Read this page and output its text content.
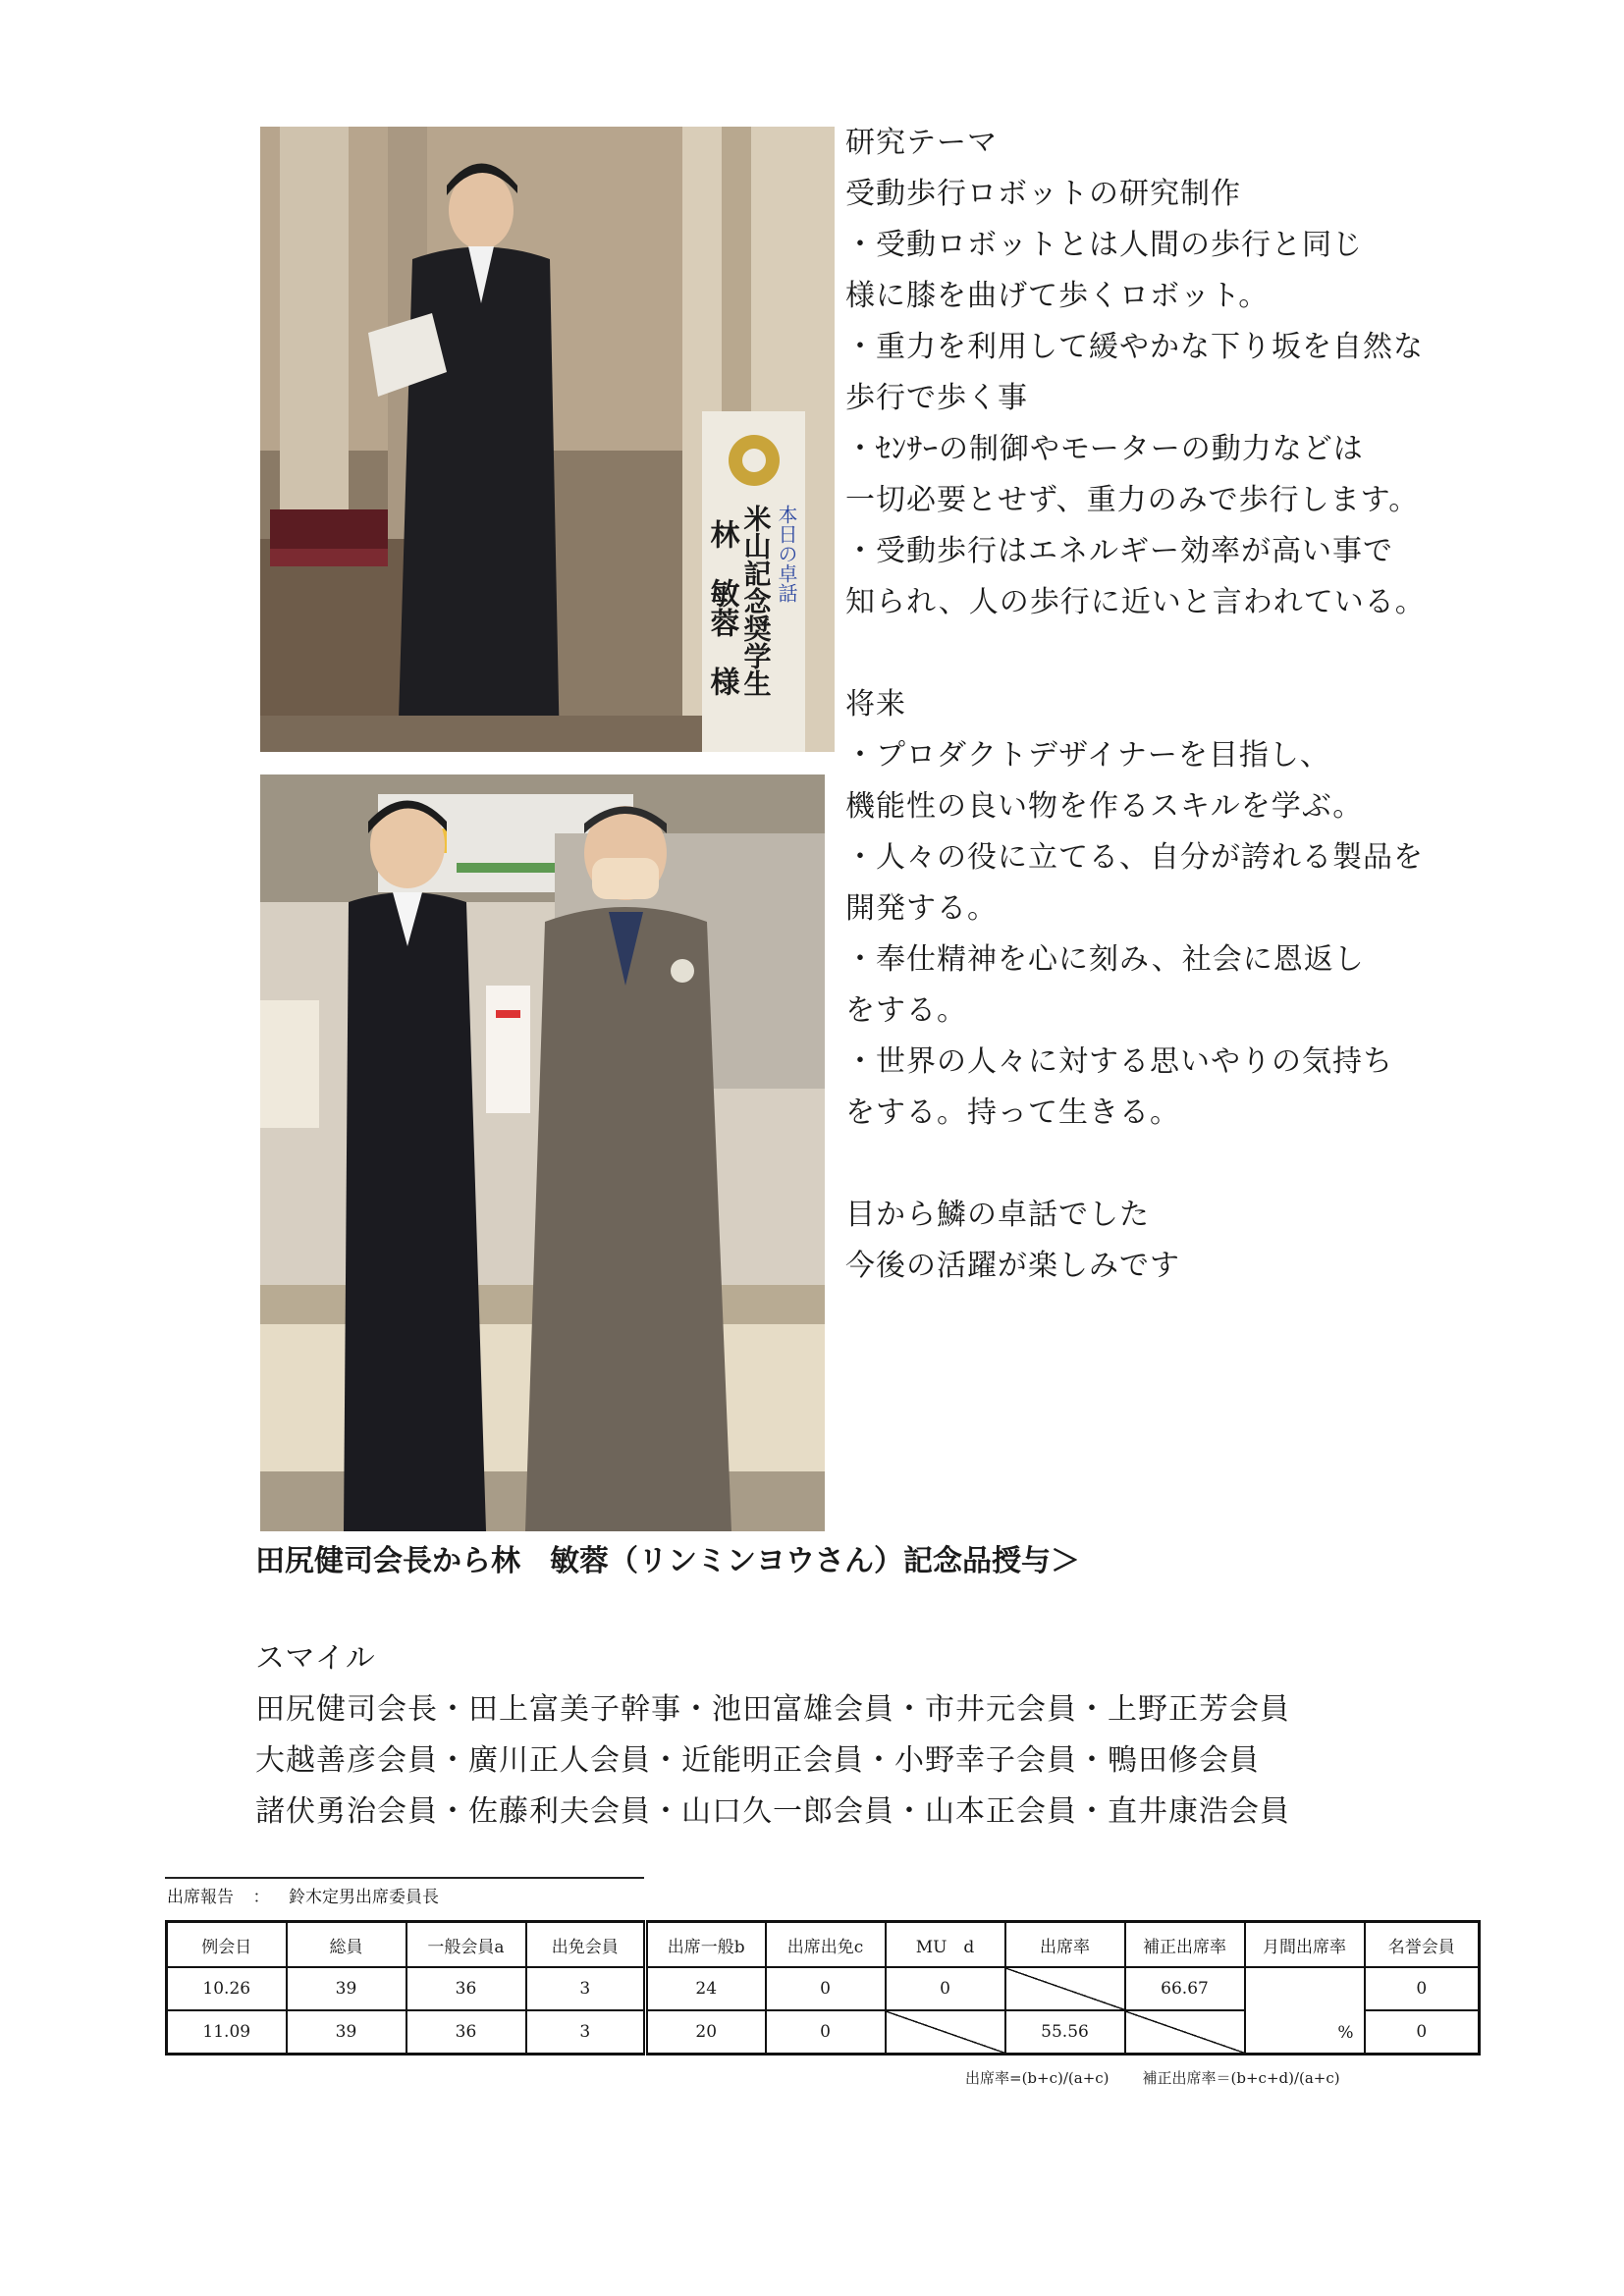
本日の卓話
米山記念奨学生
林　敏蓉　様
研究テーマ
受動歩行ロボットの研究制作
・受動ロボットとは人間の歩行と同じ
様に膝を曲げて歩くロボット。
・重力を利用して緩やかな下り坂を自然な
歩行で歩く事
・ｾﾝｻｰの制御やモーターの動力などは
一切必要とせず、重力のみで歩行します。
・受動歩行はエネルギー効率が高い事で
知られ、人の歩行に近いと言われている。
将来
・プロダクトデザイナーを目指し、
機能性の良い物を作るスキルを学ぶ。
・人々の役に立てる、自分が誇れる製品を
開発する。
・奉仕精神を心に刻み、社会に恩返し
をする。
・世界の人々に対する思いやりの気持ち
をする。持って生きる。
目から鱗の卓話でした
今後の活躍が楽しみです
田尻健司会長から林　敏蓉（リンミンヨウさん）記念品授与＞
スマイル
田尻健司会長・田上富美子幹事・池田富雄会員・市井元会員・上野正芳会員
大越善彦会員・廣川正人会員・近能明正会員・小野幸子会員・鴨田修会員
諸伏勇治会員・佐藤利夫会員・山口久一郎会員・山本正会員・直井康浩会員
出席報告 ： 鈴木定男出席委員長
例会日	総員	一般会員a	出免会員	出席一般b	出席出免c	MU　d	出席率	補正出席率	月間出席率	名誉会員
10.26	39	36	3	24	0	0		66.67	%	0
11.09	39	36	3	20	0		55.56			0
出席率=(b+c)/(a+c) 補正出席率＝(b+c+d)/(a+c)
